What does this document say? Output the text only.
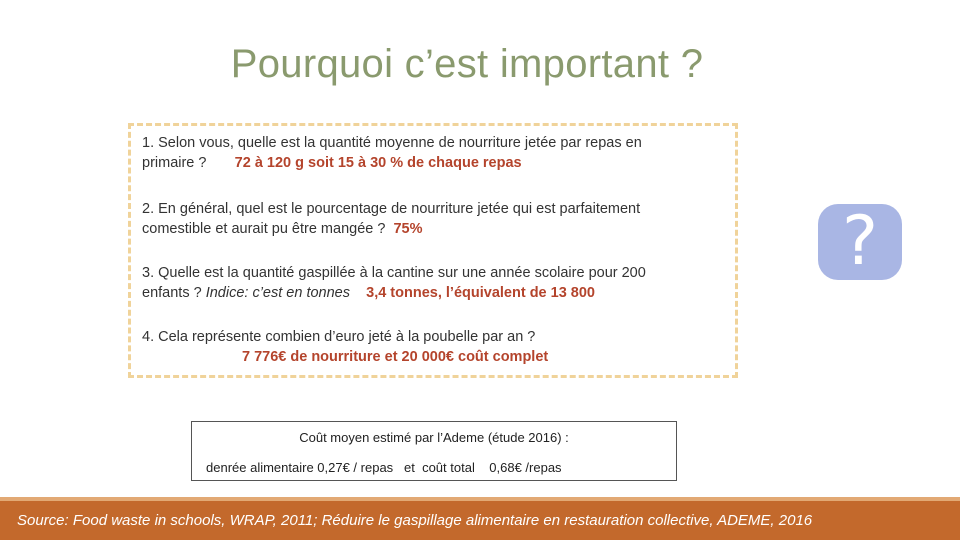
Pourquoi c’est important ?
1. Selon vous, quelle est la quantité moyenne de nourriture jetée par repas en
primaire ? 72 à 120 g soit 15 à 30 % de chaque repas
2. En général, quel est le pourcentage de nourriture jetée qui est parfaitement
comestible et aurait pu être mangée ? 75%
3. Quelle est la quantité gaspillée à la cantine sur une année scolaire pour 200
enfants ? Indice: c’est en tonnes 3,4 tonnes, l’équivalent de 13 800
4. Cela représente combien d’euro jeté à la poubelle par an ?
7 776€ de nourriture et 20 000€ coût complet
?
Coût moyen estimé par l’Ademe (étude 2016) :
denrée alimentaire 0,27€ / repas   et  coût total    0,68€ /repas
Source: Food waste in schools, WRAP, 2011; Réduire le gaspillage alimentaire en restauration collective, ADEME, 2016
